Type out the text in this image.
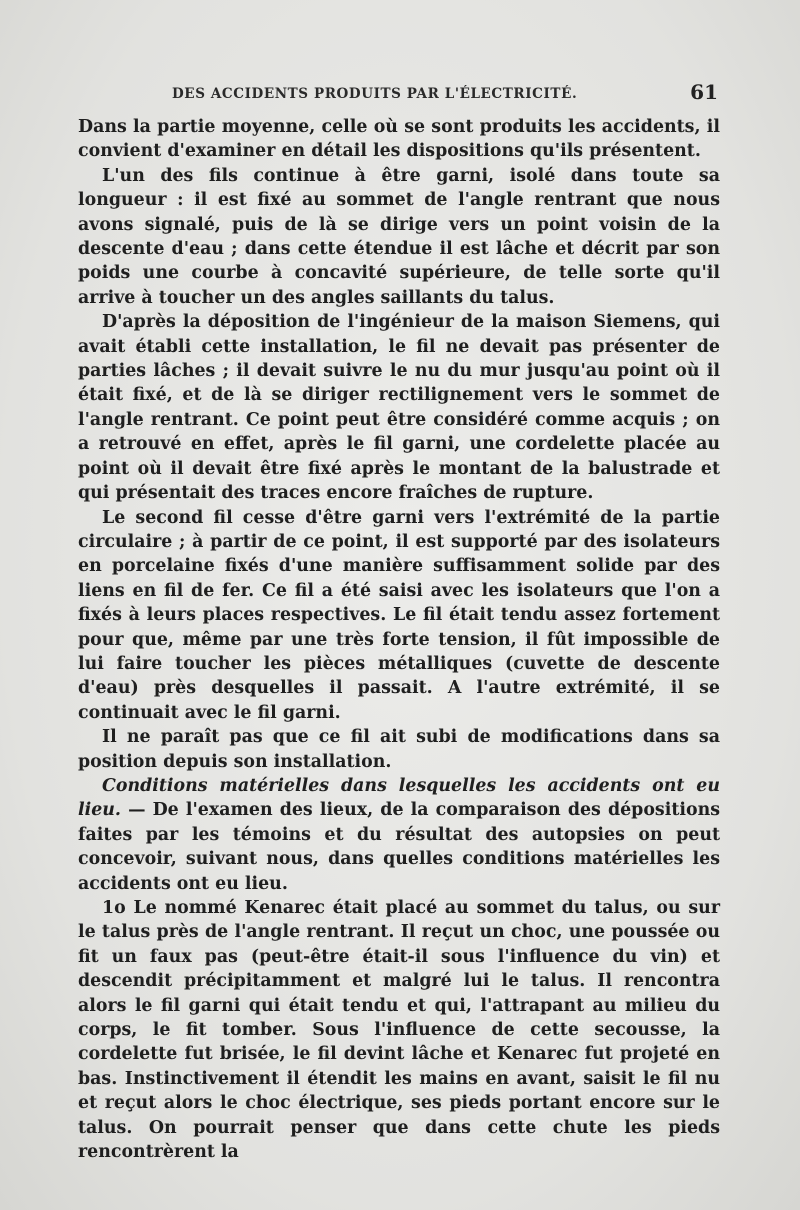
DES ACCIDENTS PRODUITS PAR L'ÉLECTRICITÉ.	61

Dans la partie moyenne, celle où se sont produits les accidents, il convient d'examiner en détail les dispositions qu'ils présentent.

L'un des fils continue à être garni, isolé dans toute sa longueur : il est fixé au sommet de l'angle rentrant que nous avons signalé, puis de là se dirige vers un point voisin de la descente d'eau ; dans cette étendue il est lâche et décrit par son poids une courbe à concavité supérieure, de telle sorte qu'il arrive à toucher un des angles saillants du talus.

D'après la déposition de l'ingénieur de la maison Siemens, qui avait établi cette installation, le fil ne devait pas présenter de parties lâches ; il devait suivre le nu du mur jusqu'au point où il était fixé, et de là se diriger rectilignement vers le sommet de l'angle rentrant. Ce point peut être considéré comme acquis ; on a retrouvé en effet, après le fil garni, une cordelette placée au point où il devait être fixé après le montant de la balustrade et qui présentait des traces encore fraîches de rupture.

Le second fil cesse d'être garni vers l'extrémité de la partie circulaire ; à partir de ce point, il est supporté par des isolateurs en porcelaine fixés d'une manière suffisamment solide par des liens en fil de fer. Ce fil a été saisi avec les isolateurs que l'on a fixés à leurs places respectives. Le fil était tendu assez fortement pour que, même par une très forte tension, il fût impossible de lui faire toucher les pièces métalliques (cuvette de descente d'eau) près desquelles il passait. A l'autre extrémité, il se continuait avec le fil garni.

Il ne paraît pas que ce fil ait subi de modifications dans sa position depuis son installation.

Conditions matérielles dans lesquelles les accidents ont eu lieu. — De l'examen des lieux, de la comparaison des dépositions faites par les témoins et du résultat des autopsies on peut concevoir, suivant nous, dans quelles conditions matérielles les accidents ont eu lieu.

1o Le nommé Kenarec était placé au sommet du talus, ou sur le talus près de l'angle rentrant. Il reçut un choc, une poussée ou fit un faux pas (peut-être était-il sous l'influence du vin) et descendit précipitamment et malgré lui le talus. Il rencontra alors le fil garni qui était tendu et qui, l'attrapant au milieu du corps, le fit tomber. Sous l'influence de cette secousse, la cordelette fut brisée, le fil devint lâche et Kenarec fut projeté en bas. Instinctivement il étendit les mains en avant, saisit le fil nu et reçut alors le choc électrique, ses pieds portant encore sur le talus. On pourrait penser que dans cette chute les pieds rencontrèrent la
